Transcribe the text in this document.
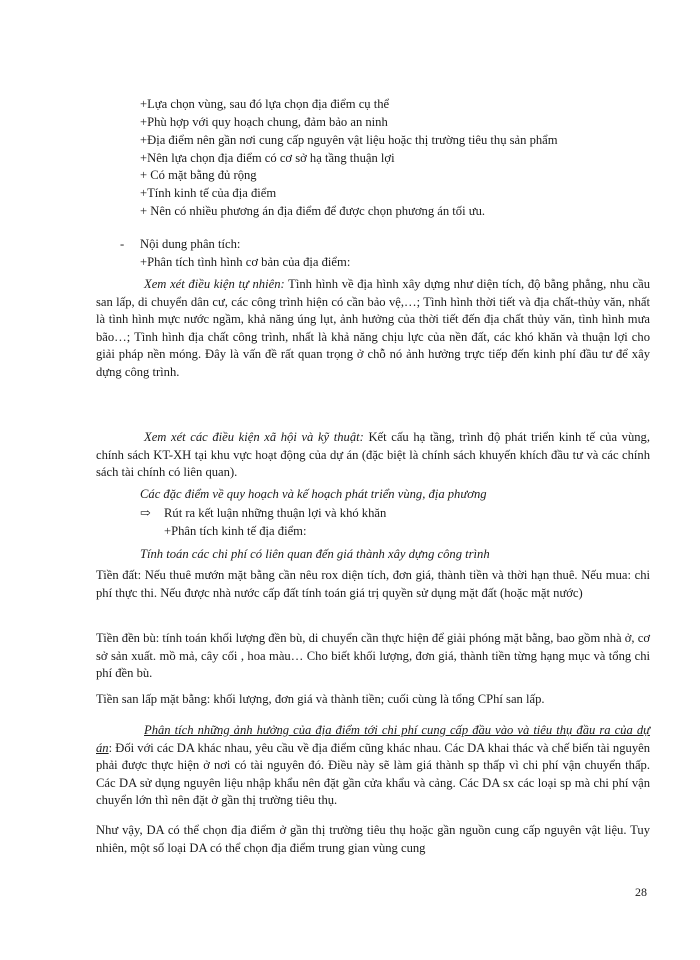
+Lựa chọn vùng, sau đó lựa chọn địa điểm cụ thể
+Phù hợp với quy hoạch chung, đảm bảo an ninh
+Địa điểm nên gần nơi cung cấp nguyên vật liệu hoặc thị trường tiêu thụ sản phẩm
+Nên lựa chọn địa điểm có cơ sở hạ tầng thuận lợi
+ Có mặt bằng đủ rộng
+Tính kinh tế của địa điểm
+ Nên có nhiều phương án địa điểm để được chọn phương án tối ưu.
- Nội dung phân tích:
+Phân tích tình hình cơ bản của địa điểm:
Xem xét điều kiện tự nhiên: Tình hình về địa hình xây dựng như diện tích, độ bằng phẳng, nhu cầu san lấp, di chuyển dân cư, các công trình hiện có cần bảo vệ,…; Tình hình thời tiết và địa chất-thủy văn, nhất là tình hình mực nước ngầm, khả năng úng lụt, ảnh hưởng của thời tiết đến địa chất thủy văn, tình hình mưa bão…; Tình hình địa chất công trình, nhất là khả năng chịu lực của nền đất, các khó khăn và thuận lợi cho giải pháp nền móng. Đây là vấn đề rất quan trọng ở chỗ nó ảnh hưởng trực tiếp đến kinh phí đầu tư để xây dựng công trình.
Xem xét các điều kiện xã hội và kỹ thuật: Kết cấu hạ tầng, trình độ phát triển kinh tế của vùng, chính sách KT-XH tại khu vực hoạt động của dự án (đặc biệt là chính sách khuyến khích đầu tư và các chính sách tài chính có liên quan).
Các đặc điểm về quy hoạch và kế hoạch phát triển vùng, địa phương
⇨	Rút ra kết luận những thuận lợi và khó khăn
+Phân tích kinh tế địa điểm:
Tính toán các chi phí có liên quan đến giá thành xây dựng công trình
Tiền đất: Nếu thuê mướn mặt bằng cần nêu rox diện tích, đơn giá, thành tiền và thời hạn thuê. Nếu mua: chi phí thực thi. Nếu được nhà nước cấp đất tính toán giá trị quyền sử dụng mặt đất (hoặc mặt nước)
Tiền đền bù: tính toán khối lượng đền bù, di chuyển cần thực hiện để giải phóng mặt bằng, bao gồm nhà ở, cơ sở sản xuất. mồ mả, cây cối , hoa màu… Cho biết khối lượng, đơn giá, thành tiền từng hạng mục và tổng chi phí đền bù.
Tiền san lấp mặt bằng: khối lượng, đơn giá và thành tiền; cuối cùng là tổng CPhí san lấp.
Phân tích những ảnh hưởng của địa điểm tới chi phí cung cấp đầu vào và tiêu thụ đầu ra của dự án: Đối với các DA khác nhau, yêu cầu về địa điểm cũng khác nhau. Các DA khai thác và chế biến tài nguyên phải được thực hiện ở nơi có tài nguyên đó. Điều này sẽ làm giá thành sp thấp vì chi phí vận chuyển thấp. Các DA sử dụng nguyên liệu nhập khẩu nên đặt gần cửa khẩu và cảng. Các DA sx các loại sp mà chi phí vận chuyển lớn thì nên đặt ở gần thị trường tiêu thụ.
Như vậy, DA có thể chọn địa điểm ở gần thị trường tiêu thụ hoặc gần nguồn cung cấp nguyên vật liệu. Tuy nhiên, một số loại DA có thể chọn địa điểm trung gian vùng cung
28
